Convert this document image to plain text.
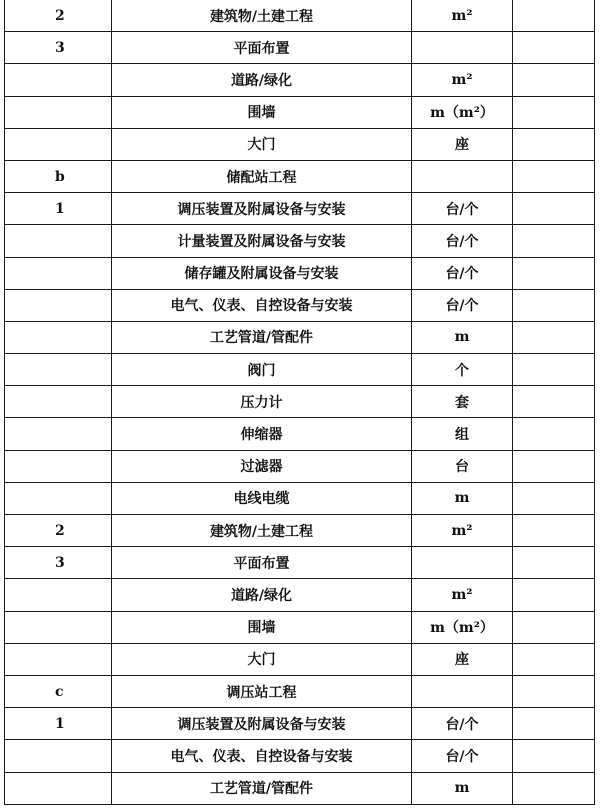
2	建筑物/土建工程	m²	
3	平面布置		
	道路/绿化	m²	
	围墙	m（m²）	
	大门	座	
b	储配站工程		
1	调压装置及附属设备与安装	台/个	
	计量装置及附属设备与安装	台/个	
	储存罐及附属设备与安装	台/个	
	电气、仪表、自控设备与安装	台/个	
	工艺管道/管配件	m	
	阀门	个	
	压力计	套	
	伸缩器	组	
	过滤器	台	
	电线电缆	m	
2	建筑物/土建工程	m²	
3	平面布置		
	道路/绿化	m²	
	围墙	m（m²）	
	大门	座	
c	调压站工程		
1	调压装置及附属设备与安装	台/个	
	电气、仪表、自控设备与安装	台/个	
	工艺管道/管配件	m	
